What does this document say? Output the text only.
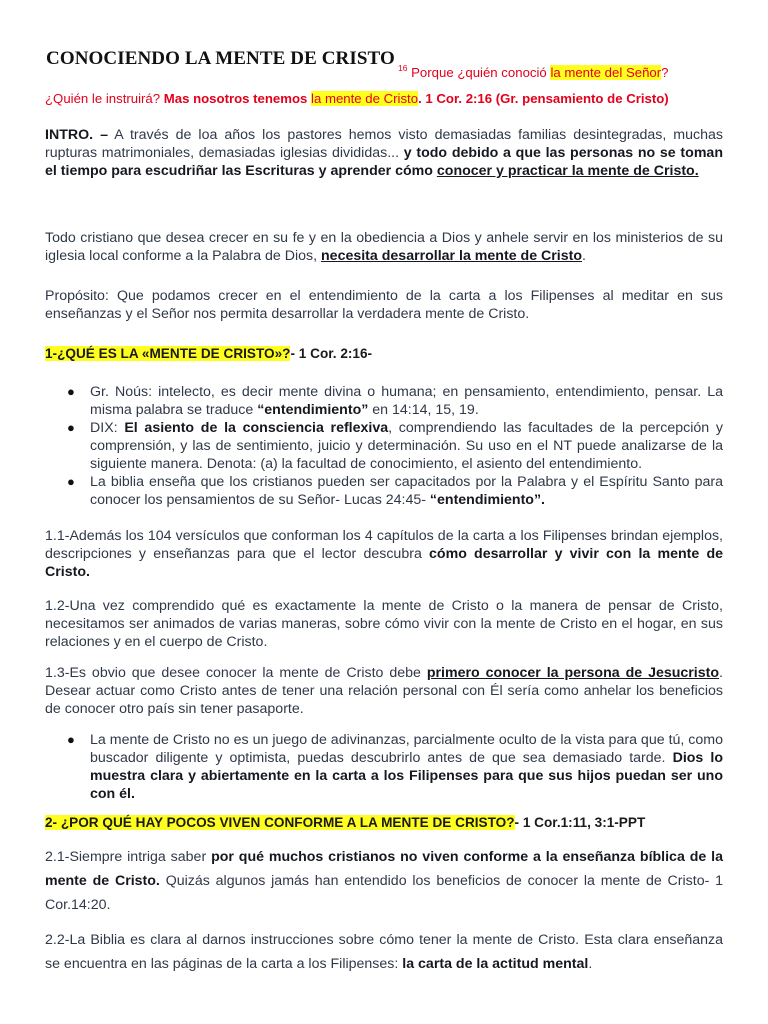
CONOCIENDO LA MENTE DE CRISTO $^{16}$ Porque ¿quién conoció la mente del Señor?

¿Quién le instruirá? Mas nosotros tenemos la mente de Cristo. 1 Cor. 2:16 (Gr. pensamiento de Cristo)

INTRO. – A través de loa años los pastores hemos visto demasiadas familias desintegradas, muchas rupturas matrimoniales, demasiadas iglesias divididas... y todo debido a que las personas no se toman el tiempo para escudriñar las Escrituras y aprender cómo conocer y practicar la mente de Cristo.

Todo cristiano que desea crecer en su fe y en la obediencia a Dios y anhele servir en los ministerios de su iglesia local conforme a la Palabra de Dios, necesita desarrollar la mente de Cristo.

Propósito: Que podamos crecer en el entendimiento de la carta a los Filipenses al meditar en sus enseñanzas y el Señor nos permita desarrollar la verdadera mente de Cristo.

1-¿QUÉ ES LA «MENTE DE CRISTO»?- 1 Cor. 2:16-

● Gr. Noús: intelecto, es decir mente divina o humana; en pensamiento, entendimiento, pensar. La misma palabra se traduce “entendimiento” en 14:14, 15, 19.
● DIX: El asiento de la consciencia reflexiva, comprendiendo las facultades de la percepción y comprensión, y las de sentimiento, juicio y determinación. Su uso en el NT puede analizarse de la siguiente manera. Denota: (a) la facultad de conocimiento, el asiento del entendimiento.
● La biblia enseña que los cristianos pueden ser capacitados por la Palabra y el Espíritu Santo para conocer los pensamientos de su Señor- Lucas 24:45- “entendimiento”.

1.1-Además los 104 versículos que conforman los 4 capítulos de la carta a los Filipenses brindan ejemplos, descripciones y enseñanzas para que el lector descubra cómo desarrollar y vivir con la mente de Cristo.

1.2-Una vez comprendido qué es exactamente la mente de Cristo o la manera de pensar de Cristo, necesitamos ser animados de varias maneras, sobre cómo vivir con la mente de Cristo en el hogar, en sus relaciones y en el cuerpo de Cristo.

1.3-Es obvio que desee conocer la mente de Cristo debe primero conocer la persona de Jesucristo. Desear actuar como Cristo antes de tener una relación personal con Él sería como anhelar los beneficios de conocer otro país sin tener pasaporte.

● La mente de Cristo no es un juego de adivinanzas, parcialmente oculto de la vista para que tú, como buscador diligente y optimista, puedas descubrirlo antes de que sea demasiado tarde. Dios lo muestra clara y abiertamente en la carta a los Filipenses para que sus hijos puedan ser uno con él.

2- ¿POR QUÉ HAY POCOS VIVEN CONFORME A LA MENTE DE CRISTO?- 1 Cor.1:11, 3:1-PPT

2.1-Siempre intriga saber por qué muchos cristianos no viven conforme a la enseñanza bíblica de la mente de Cristo. Quizás algunos jamás han entendido los beneficios de conocer la mente de Cristo- 1 Cor.14:20.

2.2-La Biblia es clara al darnos instrucciones sobre cómo tener la mente de Cristo. Esta clara enseñanza se encuentra en las páginas de la carta a los Filipenses: la carta de la actitud mental.
